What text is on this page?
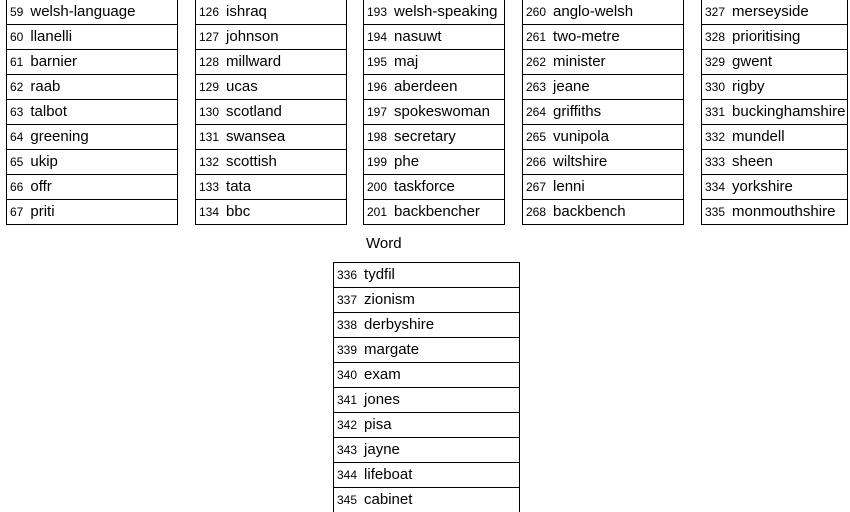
59 welsh-language
60 llanelli
61 barnier
62 raab
63 talbot
64 greening
65 ukip
66 offr
67 priti
126 ishraq
127 johnson
128 millward
129 ucas
130 scotland
131 swansea
132 scottish
133 tata
134 bbc
193 welsh-speaking
194 nasuwt
195 maj
196 aberdeen
197 spokeswoman
198 secretary
199 phe
200 taskforce
201 backbencher
260 anglo-welsh
261 two-metre
262 minister
263 jeane
264 griffiths
265 vunipola
266 wiltshire
267 lenni
268 backbench
327 merseyside
328 prioritising
329 gwent
330 rigby
331 buckinghamshire
332 mundell
333 sheen
334 yorkshire
335 monmouthshire
Word
336 tydfil
337 zionism
338 derbyshire
339 margate
340 exam
341 jones
342 pisa
343 jayne
344 lifeboat
345 cabinet
